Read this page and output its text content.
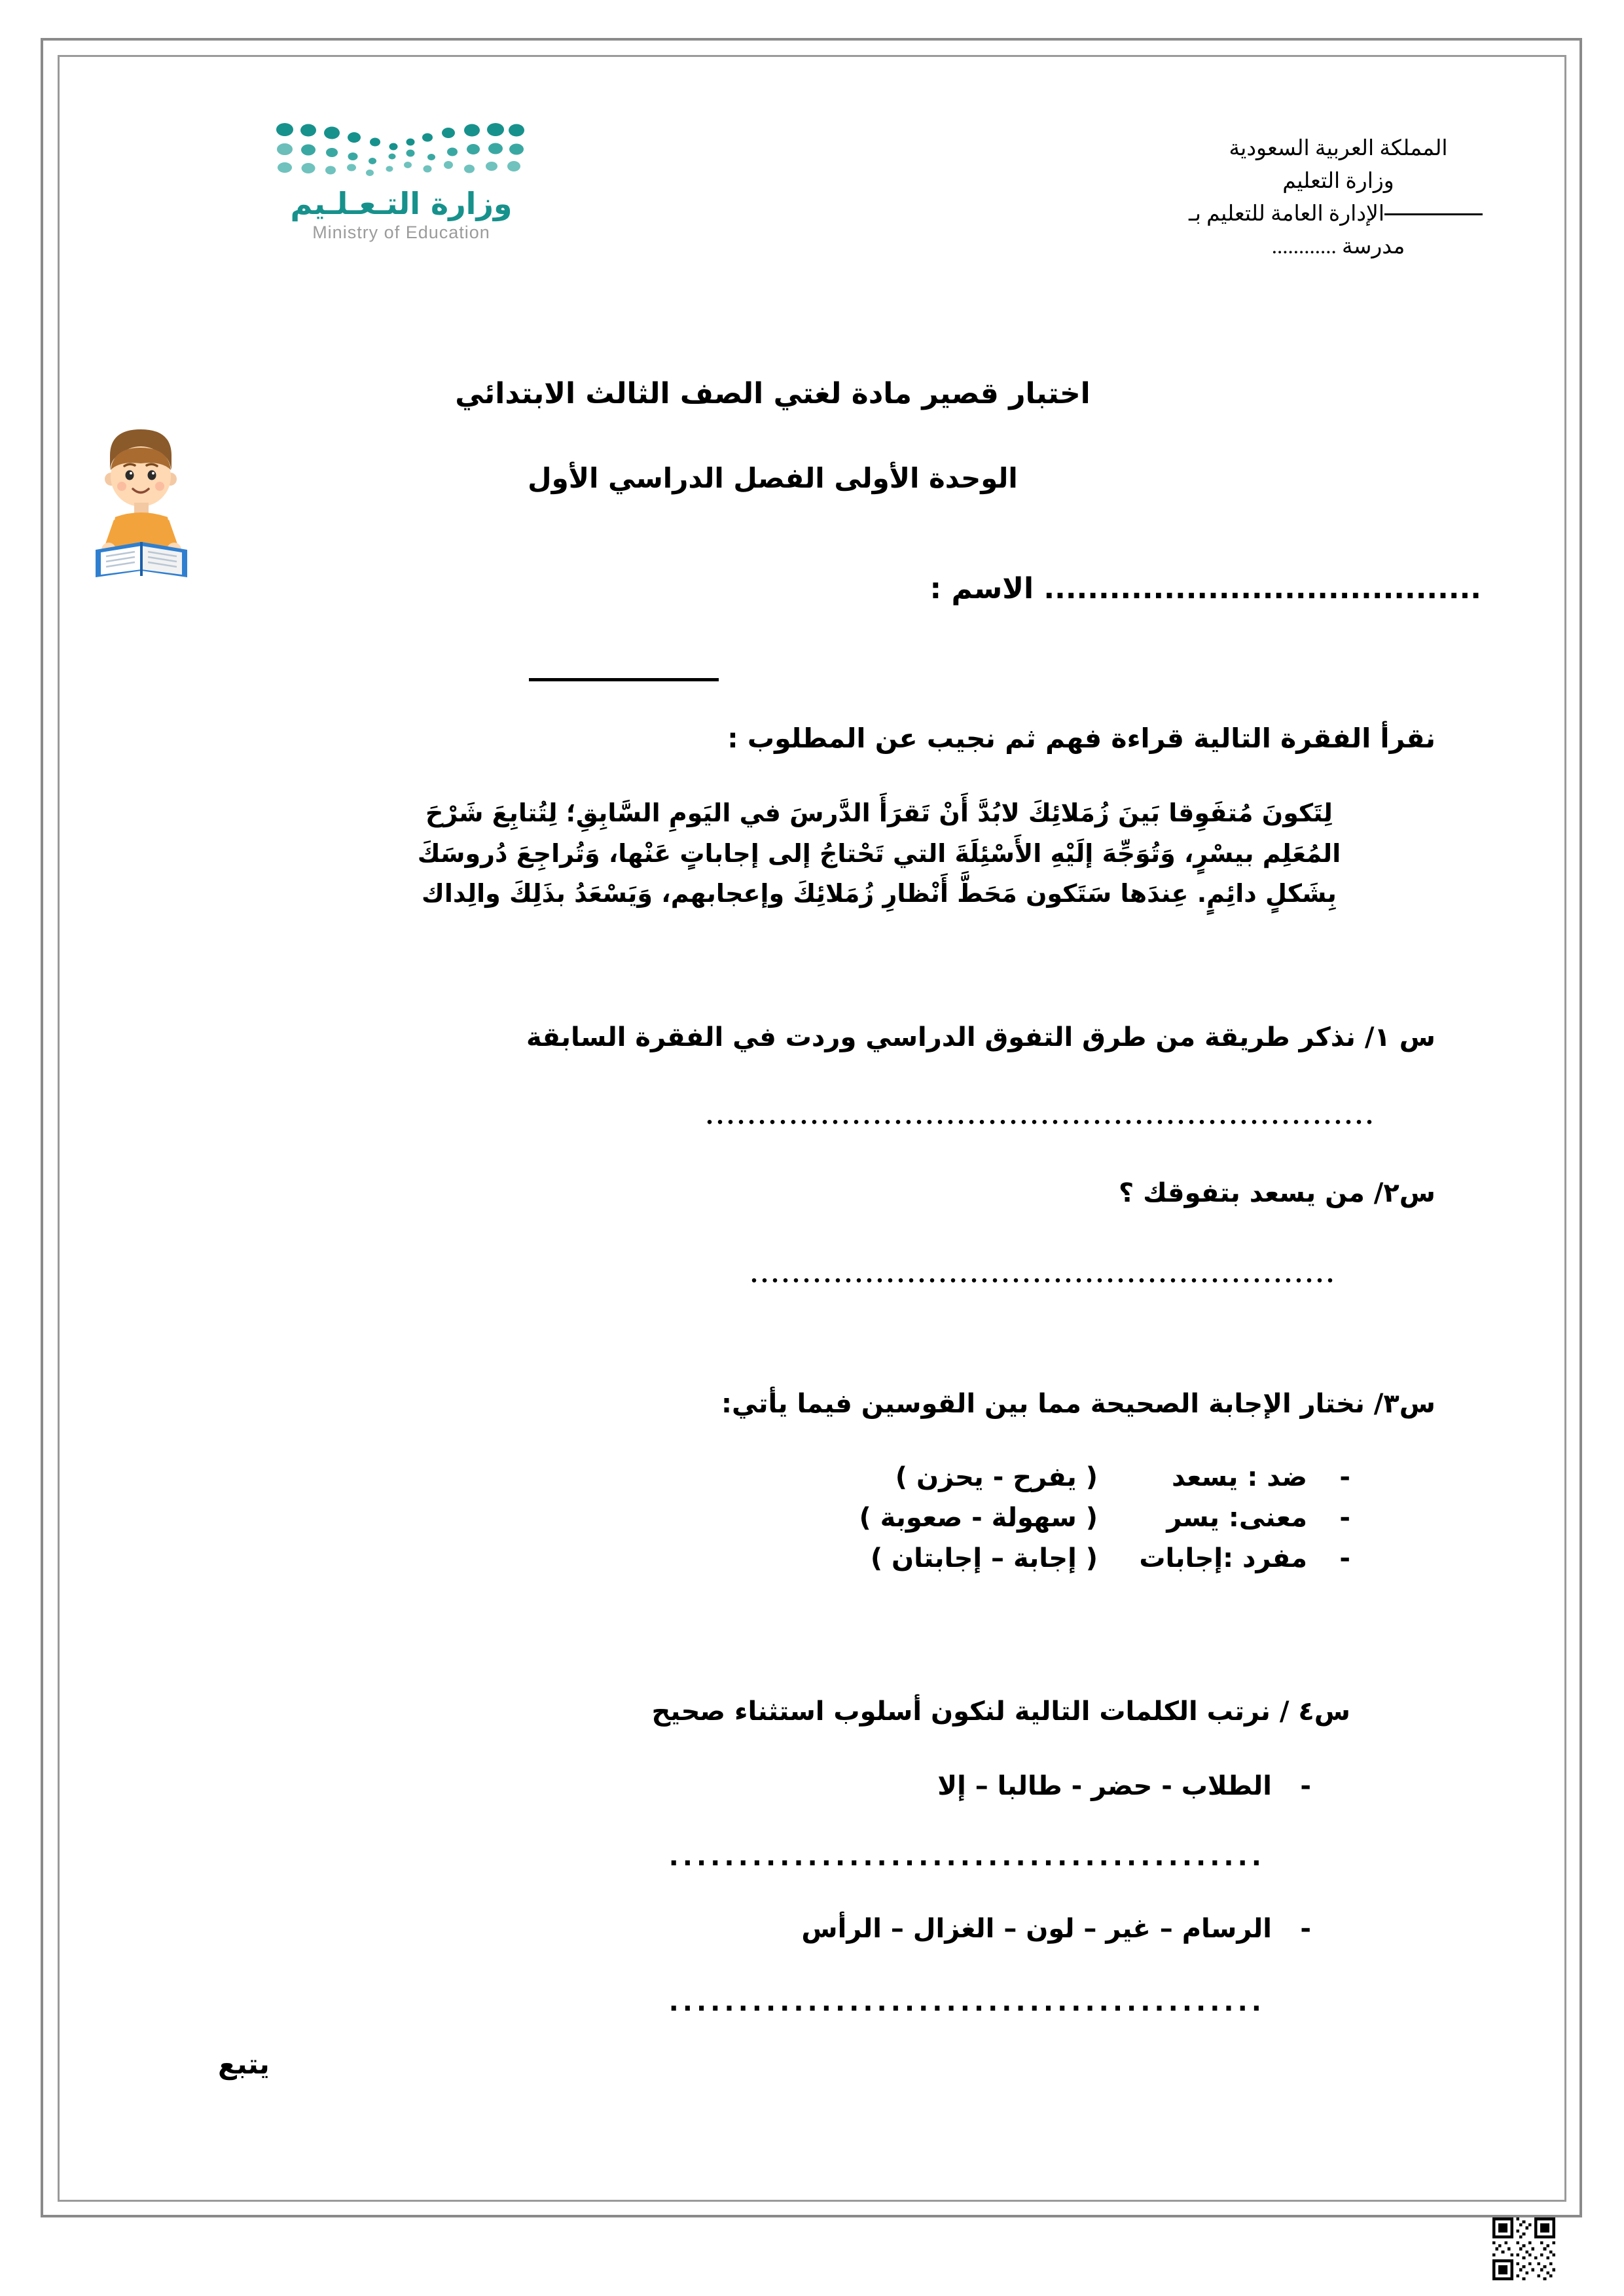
المملكة العربية السعودية
وزارة التعليم
الإدارة العامة للتعليم بـ
مدرسة ............
وزارة التـعـلـيم
Ministry of Education
اختبار قصير مادة لغتي الصف الثالث الابتدائي
الوحدة الأولى الفصل الدراسي الأول
........................................ الاسم :
نقرأ الفقرة التالية قراءة فهم ثم نجيب عن المطلوب :
لِتَكونَ مُتفَوِقا بَينَ زُمَلائِكَ لابُدَّ أَنْ تَقرَأَ الدَّرسَ في اليَومِ السَّابِقِ؛ لِتُتابِعَ شَرْحَ
المُعَلِم بيسْرٍ، وَتُوَجِّهَ إلَيْهِ الأَسْئِلَةَ التي تَحْتاجُ إلى إجاباتٍ عَنْها، وَتُراجِعَ دُروسَكَ
بِشَكلٍ دائِمٍ. عِندَها سَتَكون مَحَطَّ أَنْظارِ زُمَلائِكَ وإعجابهم، وَيَسْعَدُ بذَلِكَ والِداك
س ١/ نذكر طريقة من طرق التفوق الدراسي وردت في الفقرة السابقة
................................................................
س٢/ من يسعد بتفوقك ؟
........................................................
س٣/ نختار الإجابة الصحيحة مما بين القوسين فيما يأتي:
-
ضد : يسعد
( يفرح - يحزن )
-
معنى: يسر
( سهولة - صعوبة )
-
مفرد :إجابات
( إجابة – إجابتان )
س٤ / نرتب الكلمات التالية لنكون أسلوب استثناء صحيح
-الطلاب - حضر - طالبا – إلا
...........................................
-الرسام – غير – لون – الغزال – الرأس
...........................................
يتبع
